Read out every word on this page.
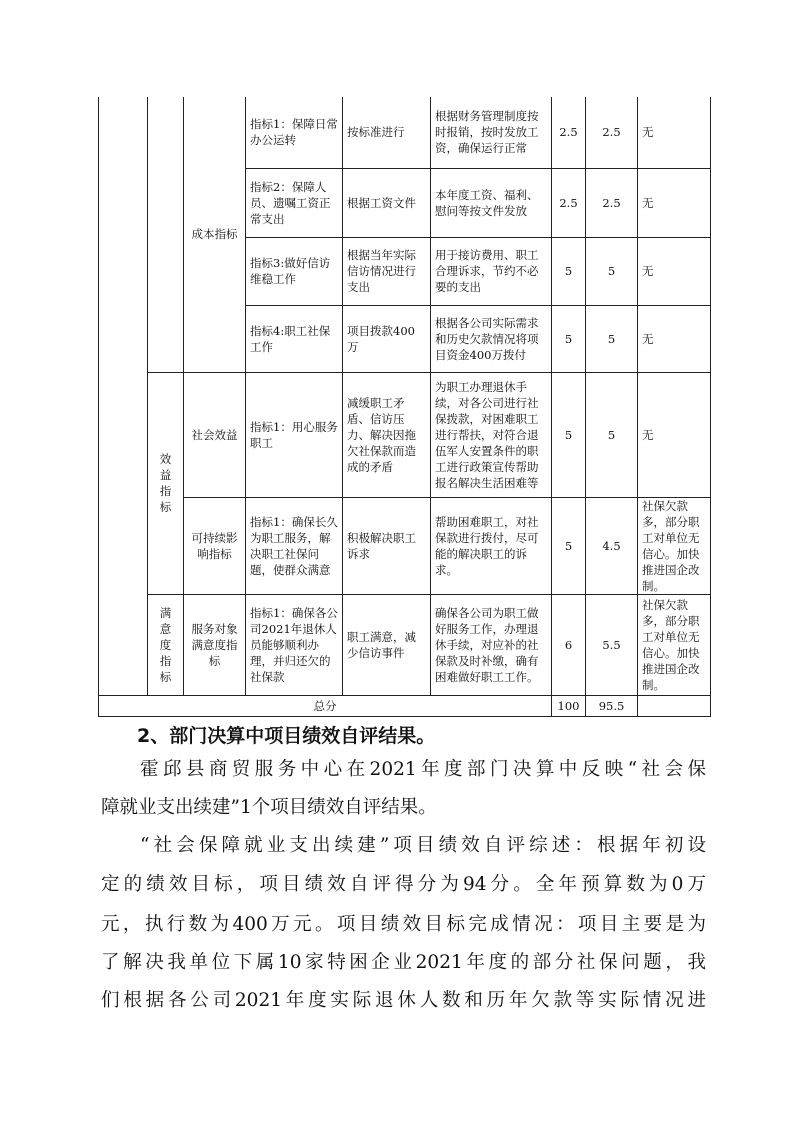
		成本指标	指标1：保障日常办公运转	按标准进行	根据财务管理制度按时报销，按时发放工资，确保运行正常	2.5	2.5	无
			指标2：保障人员、遗嘱工资正常支出	根据工资文件	本年度工资、福利、慰问等按文件发放	2.5	2.5	无
			指标3:做好信访维稳工作	根据当年实际信访情况进行支出	用于接访费用、职工合理诉求，节约不必要的支出	5	5	无
			指标4:职工社保工作	项目拨款400万	根据各公司实际需求和历史欠款情况将项目资金400万拨付	5	5	无
	效益指标	社会效益	指标1：用心服务职工	减缓职工矛盾、信访压力、解决因拖欠社保款而造成的矛盾	为职工办理退休手续，对各公司进行社保拨款，对困难职工进行帮扶，对符合退伍军人安置条件的职工进行政策宣传帮助报名解决生活困难等	5	5	无
		可持续影响指标	指标1：确保长久为职工服务，解决职工社保问题，使群众满意	积极解决职工诉求	帮助困难职工，对社保款进行拨付，尽可能的解决职工的诉求。	5	4.5	社保欠款多，部分职工对单位无信心。加快推进国企改制。
	满意度指标	服务对象满意度指标	指标1：确保各公司2021年退休人员能够顺利办理，并归还欠的社保款	职工满意，减少信访事件	确保各公司为职工做好服务工作，办理退休手续，对应补的社保款及时补缴，确有困难做好职工工作。	6	5.5	社保欠款多，部分职工对单位无信心。加快推进国企改制。
总分						100	95.5	
2、部门决算中项目绩效自评结果。
霍邱县商贸服务中心在2021年度部门决算中反映“社会保
障就业支出续建”1个项目绩效自评结果。
“社会保障就业支出续建”项目绩效自评综述：根据年初设
定的绩效目标，项目绩效自评得分为94分。全年预算数为0万
元，执行数为400万元。项目绩效目标完成情况：项目主要是为
了解决我单位下属10家特困企业2021年度的部分社保问题，我
们根据各公司2021年度实际退休人数和历年欠款等实际情况进
